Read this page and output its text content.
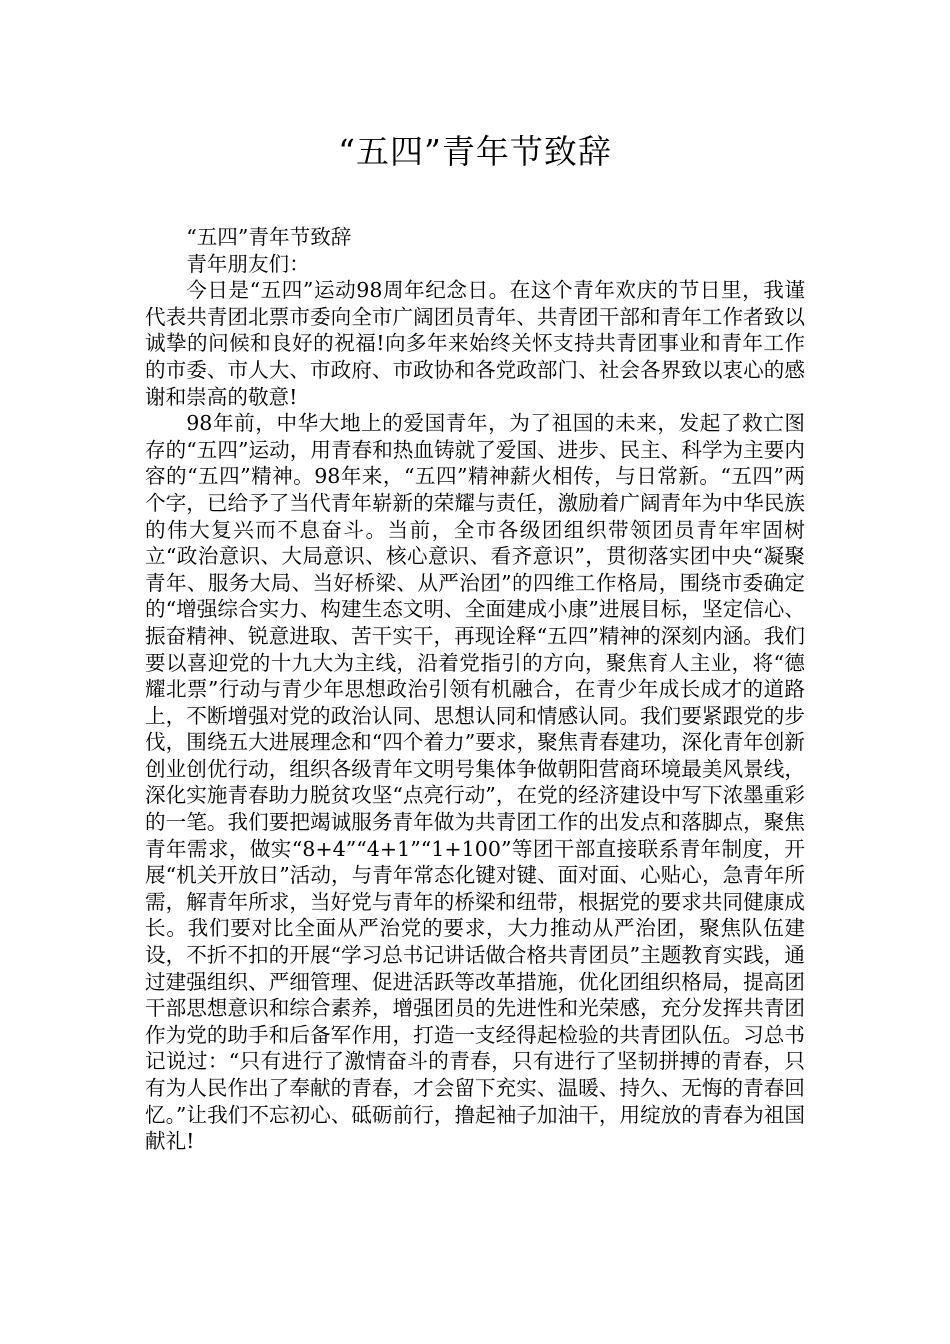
“五四”青年节致辞

“五四”青年节致辞

青年朋友们：

今日是“五四”运动98周年纪念日。在这个青年欢庆的节日里，我谨代表共青团北票市委向全市广阔团员青年、共青团干部和青年工作者致以诚挚的问候和良好的祝福!向多年来始终关怀支持共青团事业和青年工作的市委、市人大、市政府、市政协和各党政部门、社会各界致以衷心的感谢和崇高的敬意!

98年前，中华大地上的爱国青年，为了祖国的未来，发起了救亡图存的“五四”运动，用青春和热血铸就了爱国、进步、民主、科学为主要内容的“五四”精神。98年来，“五四”精神薪火相传，与日常新。“五四”两个字，已给予了当代青年崭新的荣耀与责任，激励着广阔青年为中华民族的伟大复兴而不息奋斗。当前，全市各级团组织带领团员青年牢固树立“政治意识、大局意识、核心意识、看齐意识”，贯彻落实团中央“凝聚青年、服务大局、当好桥梁、从严治团”的四维工作格局，围绕市委确定的“增强综合实力、构建生态文明、全面建成小康”进展目标，坚定信心、振奋精神、锐意进取、苦干实干，再现诠释“五四”精神的深刻内涵。我们要以喜迎党的十九大为主线，沿着党指引的方向，聚焦育人主业，将“德耀北票”行动与青少年思想政治引领有机融合，在青少年成长成才的道路上，不断增强对党的政治认同、思想认同和情感认同。我们要紧跟党的步伐，围绕五大进展理念和“四个着力”要求，聚焦青春建功，深化青年创新创业创优行动，组织各级青年文明号集体争做朝阳营商环境最美风景线，深化实施青春助力脱贫攻坚“点亮行动”，在党的经济建设中写下浓墨重彩的一笔。我们要把竭诚服务青年做为共青团工作的出发点和落脚点，聚焦青年需求，做实“8+4”“4+1”“1+100”等团干部直接联系青年制度，开展“机关开放日”活动，与青年常态化键对键、面对面、心贴心，急青年所需，解青年所求，当好党与青年的桥梁和纽带，根据党的要求共同健康成长。我们要对比全面从严治党的要求，大力推动从严治团，聚焦队伍建设，不折不扣的开展“学习总书记讲话做合格共青团员”主题教育实践，通过建强组织、严细管理、促进活跃等改革措施，优化团组织格局，提高团干部思想意识和综合素养，增强团员的先进性和光荣感，充分发挥共青团作为党的助手和后备军作用，打造一支经得起检验的共青团队伍。习总书记说过：“只有进行了激情奋斗的青春，只有进行了坚韧拼搏的青春，只有为人民作出了奉献的青春，才会留下充实、温暖、持久、无悔的青春回忆。”让我们不忘初心、砥砺前行，撸起袖子加油干，用绽放的青春为祖国献礼!
